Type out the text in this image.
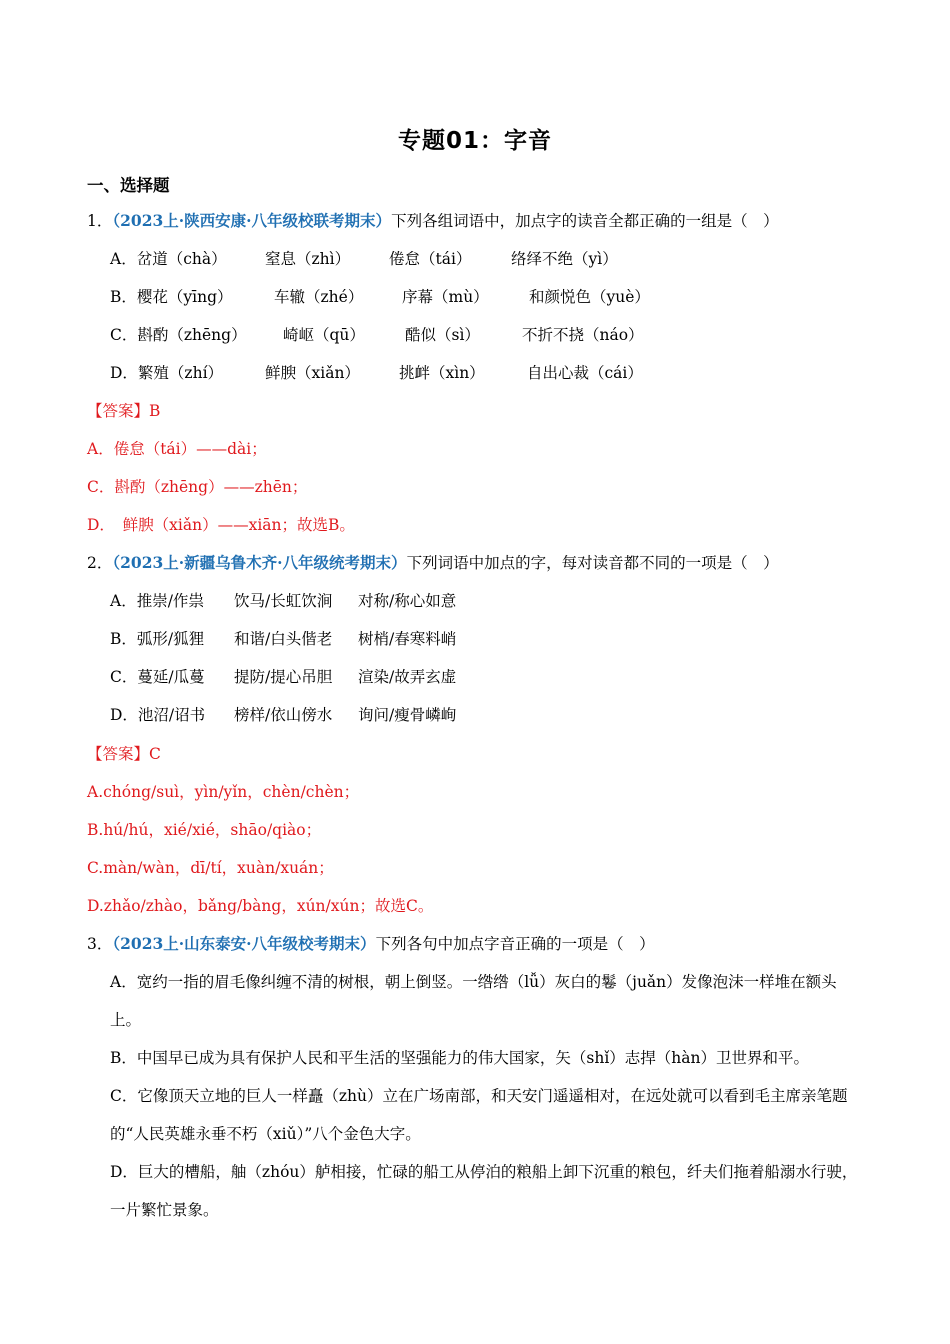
专题01：字音
一、选择题
1．（2023上·陕西安康·八年级校联考期末）下列各组词语中，加点字的读音全都正确的一组是（　）
A．岔道（chà）	窒息（zhì）	倦怠（tái）	络绎不绝（yì）
B．樱花（yīng）	车辙（zhé）	序幕（mù）	和颜悦色（yuè）
C．斟酌（zhēng）	崎岖（qū）	酷似（sì）	不折不挠（náo）
D．繁殖（zhí）	鲜腴（xiǎn）	挑衅（xìn）	自出心裁（cái）
【答案】B
A．倦怠（tái）——dài；
C．斟酌（zhēng）——zhēn；
D．　鲜腴（xiǎn）——xiān；故选B。
2．（2023上·新疆乌鲁木齐·八年级统考期末）下列词语中加点的字，每对读音都不同的一项是（　）
A．推崇/作祟	饮马/长虹饮涧	对称/称心如意
B．弧形/狐狸	和谐/白头偕老	树梢/春寒料峭
C．蔓延/瓜蔓	提防/提心吊胆	渲染/故弄玄虚
D．池沼/诏书	榜样/依山傍水	询问/瘦骨嶙峋
【答案】C
A.chóng/suì，yìn/yǐn，chèn/chèn；
B.hú/hú，xié/xié，shāo/qiào；
C.màn/wàn，dī/tí，xuàn/xuán；
D.zhǎo/zhào，bǎng/bàng，xún/xún；故选C。
3．（2023上·山东泰安·八年级校考期末）下列各句中加点字音正确的一项是（　）
A．宽约一指的眉毛像纠缠不清的树根，朝上倒竖。一绺绺（lǚ）灰白的鬈（juǎn）发像泡沫一样堆在额头上。
B．中国早已成为具有保护人民和平生活的坚强能力的伟大国家，矢（shǐ）志捍（hàn）卫世界和平。
C．它像顶天立地的巨人一样矗（zhù）立在广场南部，和天安门遥遥相对，在远处就可以看到毛主席亲笔题的“人民英雄永垂不朽（xiǔ）”八个金色大字。
D．巨大的槽船，舳（zhóu）舻相接，忙碌的船工从停泊的粮船上卸下沉重的粮包，纤夫们拖着船溺水行驶，一片繁忙景象。
